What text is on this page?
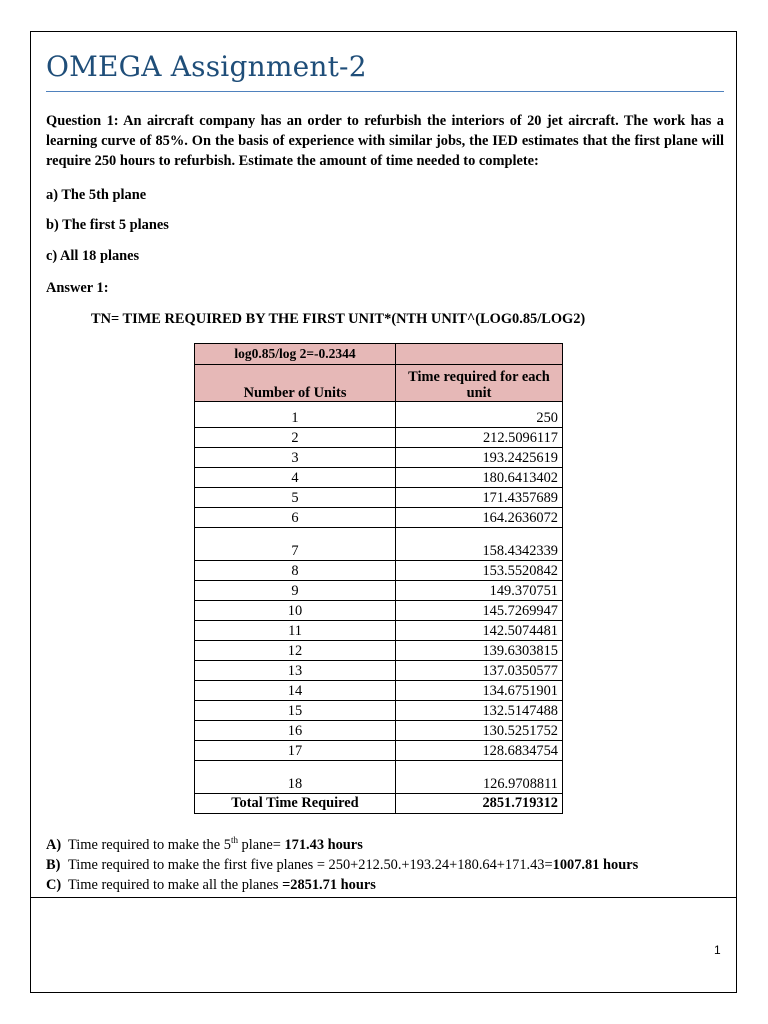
OMEGA Assignment-2

Question 1: An aircraft company has an order to refurbish the interiors of 20 jet aircraft. The work has a learning curve of 85%. On the basis of experience with similar jobs, the IED estimates that the first plane will require 250 hours to refurbish. Estimate the amount of time needed to complete:

a) The 5th plane

b) The first 5 planes

c) All 18 planes

Answer 1:

TN= TIME REQUIRED BY THE FIRST UNIT*(NTH UNIT^(LOG0.85/LOG2)

log0.85/log 2=-0.2344	
Number of Units	Time required for each unit
1	250
2	212.5096117
3	193.2425619
4	180.6413402
5	171.4357689
6	164.2636072
7	158.4342339
8	153.5520842
9	149.370751
10	145.7269947
11	142.5074481
12	139.6303815
13	137.0350577
14	134.6751901
15	132.5147488
16	130.5251752
17	128.6834754
18	126.9708811
Total Time Required	2851.719312
A) Time required to make the 5th plane= 171.43 hours
B) Time required to make the first five planes = 250+212.50.+193.24+180.64+171.43=1007.81 hours
C) Time required to make all the planes =2851.71 hours

1
